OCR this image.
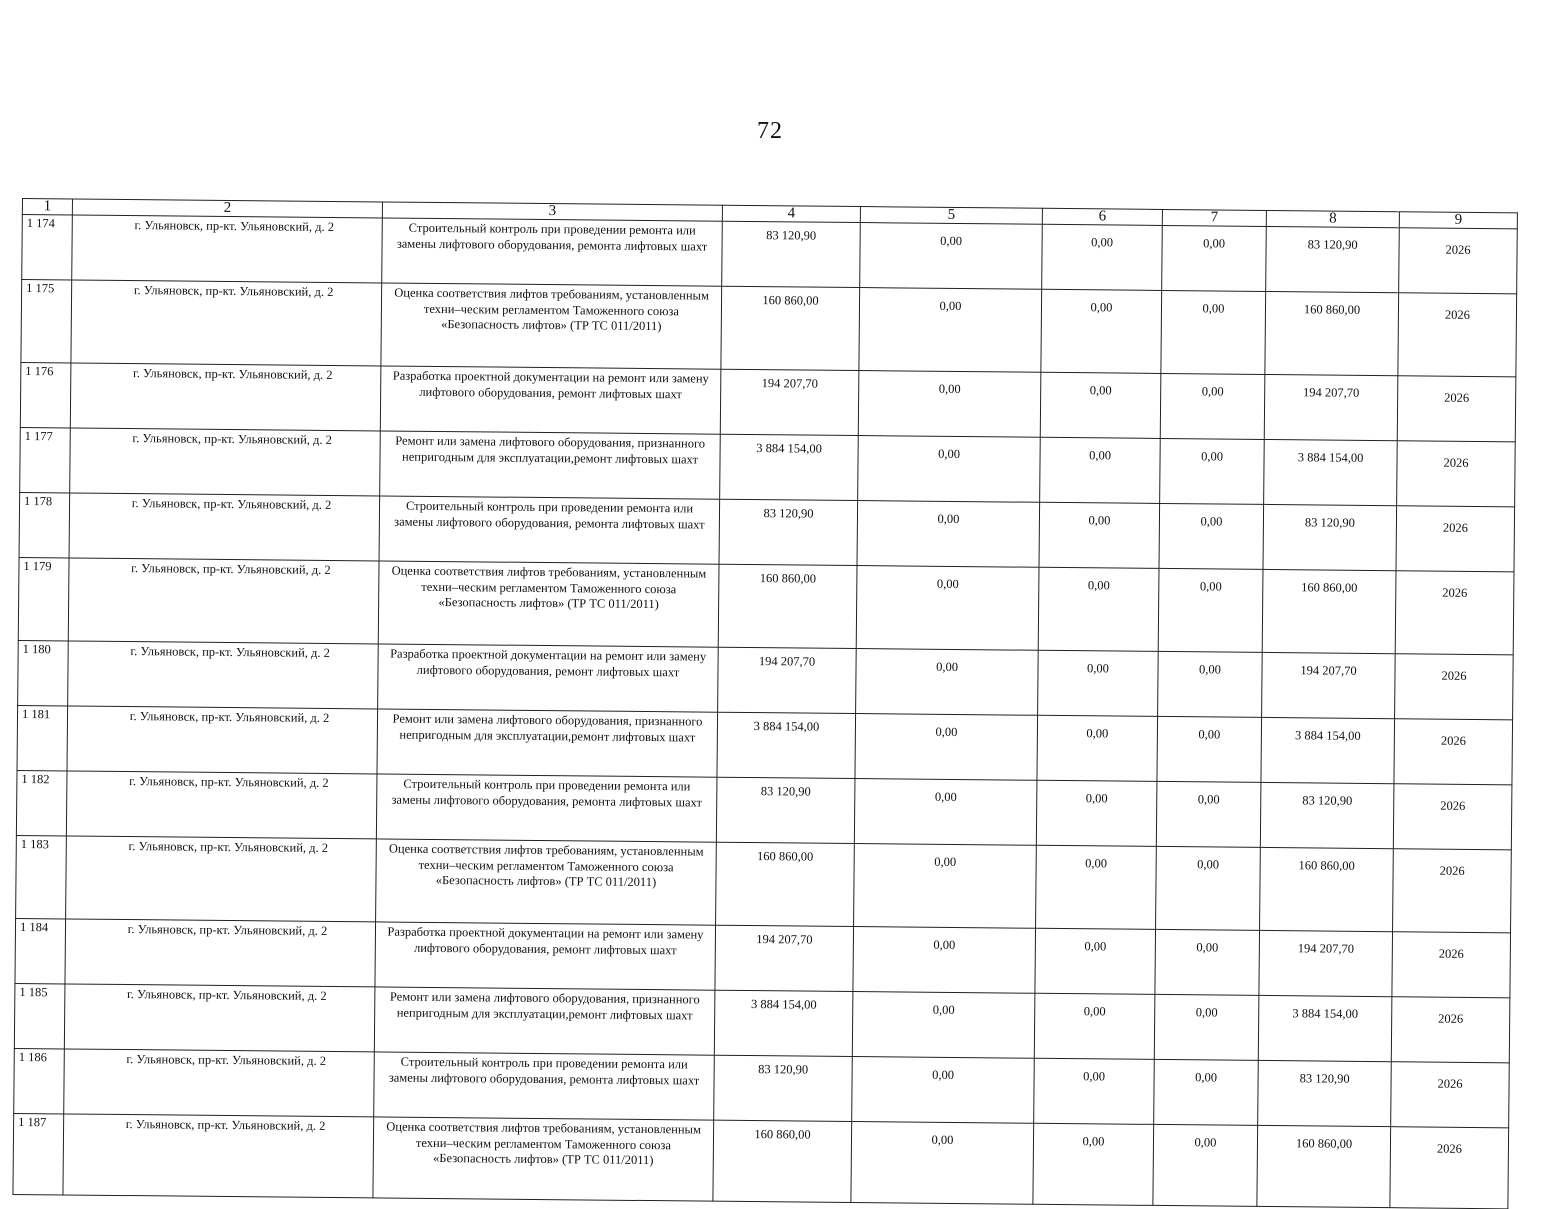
72
1	2	3	4	5	6	7	8	9
1 174	г. Ульяновск, пр-кт. Ульяновский, д. 2	Строительный контроль при проведении ремонта или замены лифтового оборудования, ремонта лифтовых шахт	83 120,90	0,00	0,00	0,00	83 120,90	2026
1 175	г. Ульяновск, пр-кт. Ульяновский, д. 2	Оценка соответствия лифтов требованиям, установленным техни–ческим регламентом Таможенного союза «Безопасность лифтов» (ТР ТС 011/2011)	160 860,00	0,00	0,00	0,00	160 860,00	2026
1 176	г. Ульяновск, пр-кт. Ульяновский, д. 2	Разработка проектной документации на ремонт или замену лифтового оборудования, ремонт лифтовых шахт	194 207,70	0,00	0,00	0,00	194 207,70	2026
1 177	г. Ульяновск, пр-кт. Ульяновский, д. 2	Ремонт или замена лифтового оборудования, признанного непригодным для эксплуатации,ремонт лифтовых шахт	3 884 154,00	0,00	0,00	0,00	3 884 154,00	2026
1 178	г. Ульяновск, пр-кт. Ульяновский, д. 2	Строительный контроль при проведении ремонта или замены лифтового оборудования, ремонта лифтовых шахт	83 120,90	0,00	0,00	0,00	83 120,90	2026
1 179	г. Ульяновск, пр-кт. Ульяновский, д. 2	Оценка соответствия лифтов требованиям, установленным техни–ческим регламентом Таможенного союза «Безопасность лифтов» (ТР ТС 011/2011)	160 860,00	0,00	0,00	0,00	160 860,00	2026
1 180	г. Ульяновск, пр-кт. Ульяновский, д. 2	Разработка проектной документации на ремонт или замену лифтового оборудования, ремонт лифтовых шахт	194 207,70	0,00	0,00	0,00	194 207,70	2026
1 181	г. Ульяновск, пр-кт. Ульяновский, д. 2	Ремонт или замена лифтового оборудования, признанного непригодным для эксплуатации,ремонт лифтовых шахт	3 884 154,00	0,00	0,00	0,00	3 884 154,00	2026
1 182	г. Ульяновск, пр-кт. Ульяновский, д. 2	Строительный контроль при проведении ремонта или замены лифтового оборудования, ремонта лифтовых шахт	83 120,90	0,00	0,00	0,00	83 120,90	2026
1 183	г. Ульяновск, пр-кт. Ульяновский, д. 2	Оценка соответствия лифтов требованиям, установленным техни–ческим регламентом Таможенного союза «Безопасность лифтов» (ТР ТС 011/2011)	160 860,00	0,00	0,00	0,00	160 860,00	2026
1 184	г. Ульяновск, пр-кт. Ульяновский, д. 2	Разработка проектной документации на ремонт или замену лифтового оборудования, ремонт лифтовых шахт	194 207,70	0,00	0,00	0,00	194 207,70	2026
1 185	г. Ульяновск, пр-кт. Ульяновский, д. 2	Ремонт или замена лифтового оборудования, признанного непригодным для эксплуатации,ремонт лифтовых шахт	3 884 154,00	0,00	0,00	0,00	3 884 154,00	2026
1 186	г. Ульяновск, пр-кт. Ульяновский, д. 2	Строительный контроль при проведении ремонта или замены лифтового оборудования, ремонта лифтовых шахт	83 120,90	0,00	0,00	0,00	83 120,90	2026
1 187	г. Ульяновск, пр-кт. Ульяновский, д. 2	Оценка соответствия лифтов требованиям, установленным техни–ческим регламентом Таможенного союза «Безопасность лифтов» (ТР ТС 011/2011)	160 860,00	0,00	0,00	0,00	160 860,00	2026
